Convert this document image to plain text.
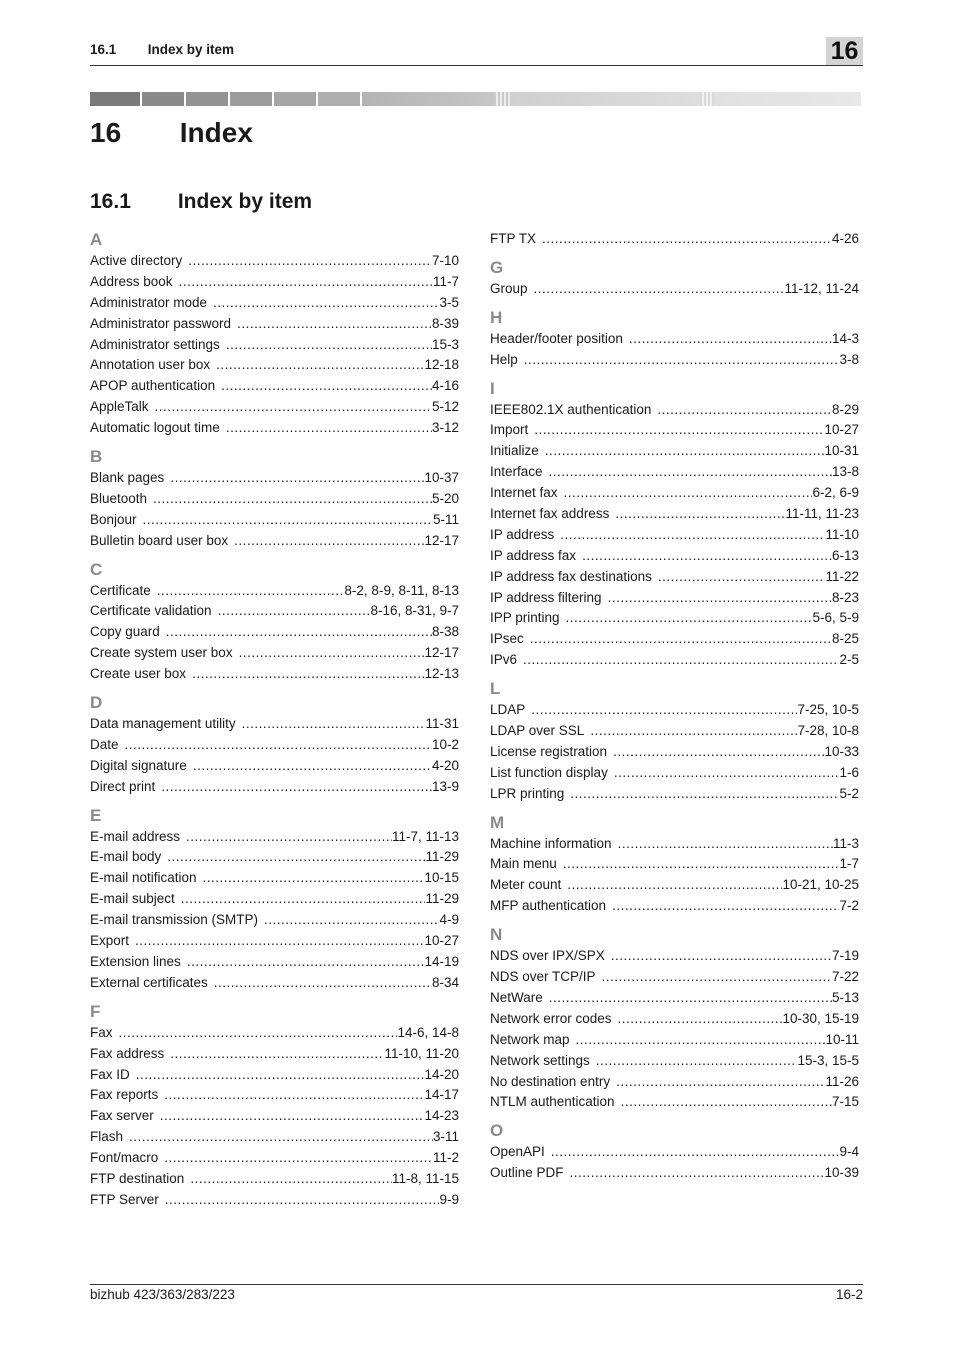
16.1 Index by item	16
16 Index
16.1 Index by item
A
Active directory .....	7-10
Address book .....	11-7
Administrator mode .....	3-5
Administrator password .....	8-39
Administrator settings .....	15-3
Annotation user box .....	12-18
APOP authentication .....	4-16
AppleTalk .....	5-12
Automatic logout time .....	3-12
B
Blank pages .....	10-37
Bluetooth .....	5-20
Bonjour .....	5-11
Bulletin board user box .....	12-17
C
Certificate .....	8-2, 8-9, 8-11, 8-13
Certificate validation .....	8-16, 8-31, 9-7
Copy guard .....	8-38
Create system user box .....	12-17
Create user box .....	12-13
D
Data management utility .....	11-31
Date .....	10-2
Digital signature .....	4-20
Direct print .....	13-9
E
E-mail address .....	11-7, 11-13
E-mail body .....	11-29
E-mail notification .....	10-15
E-mail subject .....	11-29
E-mail transmission (SMTP) .....	4-9
Export .....	10-27
Extension lines .....	14-19
External certificates .....	8-34
F
Fax .....	14-6, 14-8
Fax address .....	11-10, 11-20
Fax ID .....	14-20
Fax reports .....	14-17
Fax server .....	14-23
Flash .....	3-11
Font/macro .....	11-2
FTP destination .....	11-8, 11-15
FTP Server .....	9-9
FTP TX .....	4-26
G
Group .....	11-12, 11-24
H
Header/footer position .....	14-3
Help .....	3-8
I
IEEE802.1X authentication .....	8-29
Import .....	10-27
Initialize .....	10-31
Interface .....	13-8
Internet fax .....	6-2, 6-9
Internet fax address .....	11-11, 11-23
IP address .....	11-10
IP address fax .....	6-13
IP address fax destinations .....	11-22
IP address filtering .....	8-23
IPP printing .....	5-6, 5-9
IPsec .....	8-25
IPv6 .....	2-5
L
LDAP .....	7-25, 10-5
LDAP over SSL .....	7-28, 10-8
License registration .....	10-33
List function display .....	1-6
LPR printing .....	5-2
M
Machine information .....	11-3
Main menu .....	1-7
Meter count .....	10-21, 10-25
MFP authentication .....	7-2
N
NDS over IPX/SPX .....	7-19
NDS over TCP/IP .....	7-22
NetWare .....	5-13
Network error codes .....	10-30, 15-19
Network map .....	10-11
Network settings .....	15-3, 15-5
No destination entry .....	11-26
NTLM authentication .....	7-15
O
OpenAPI .....	9-4
Outline PDF .....	10-39
bizhub 423/363/283/223	16-2
